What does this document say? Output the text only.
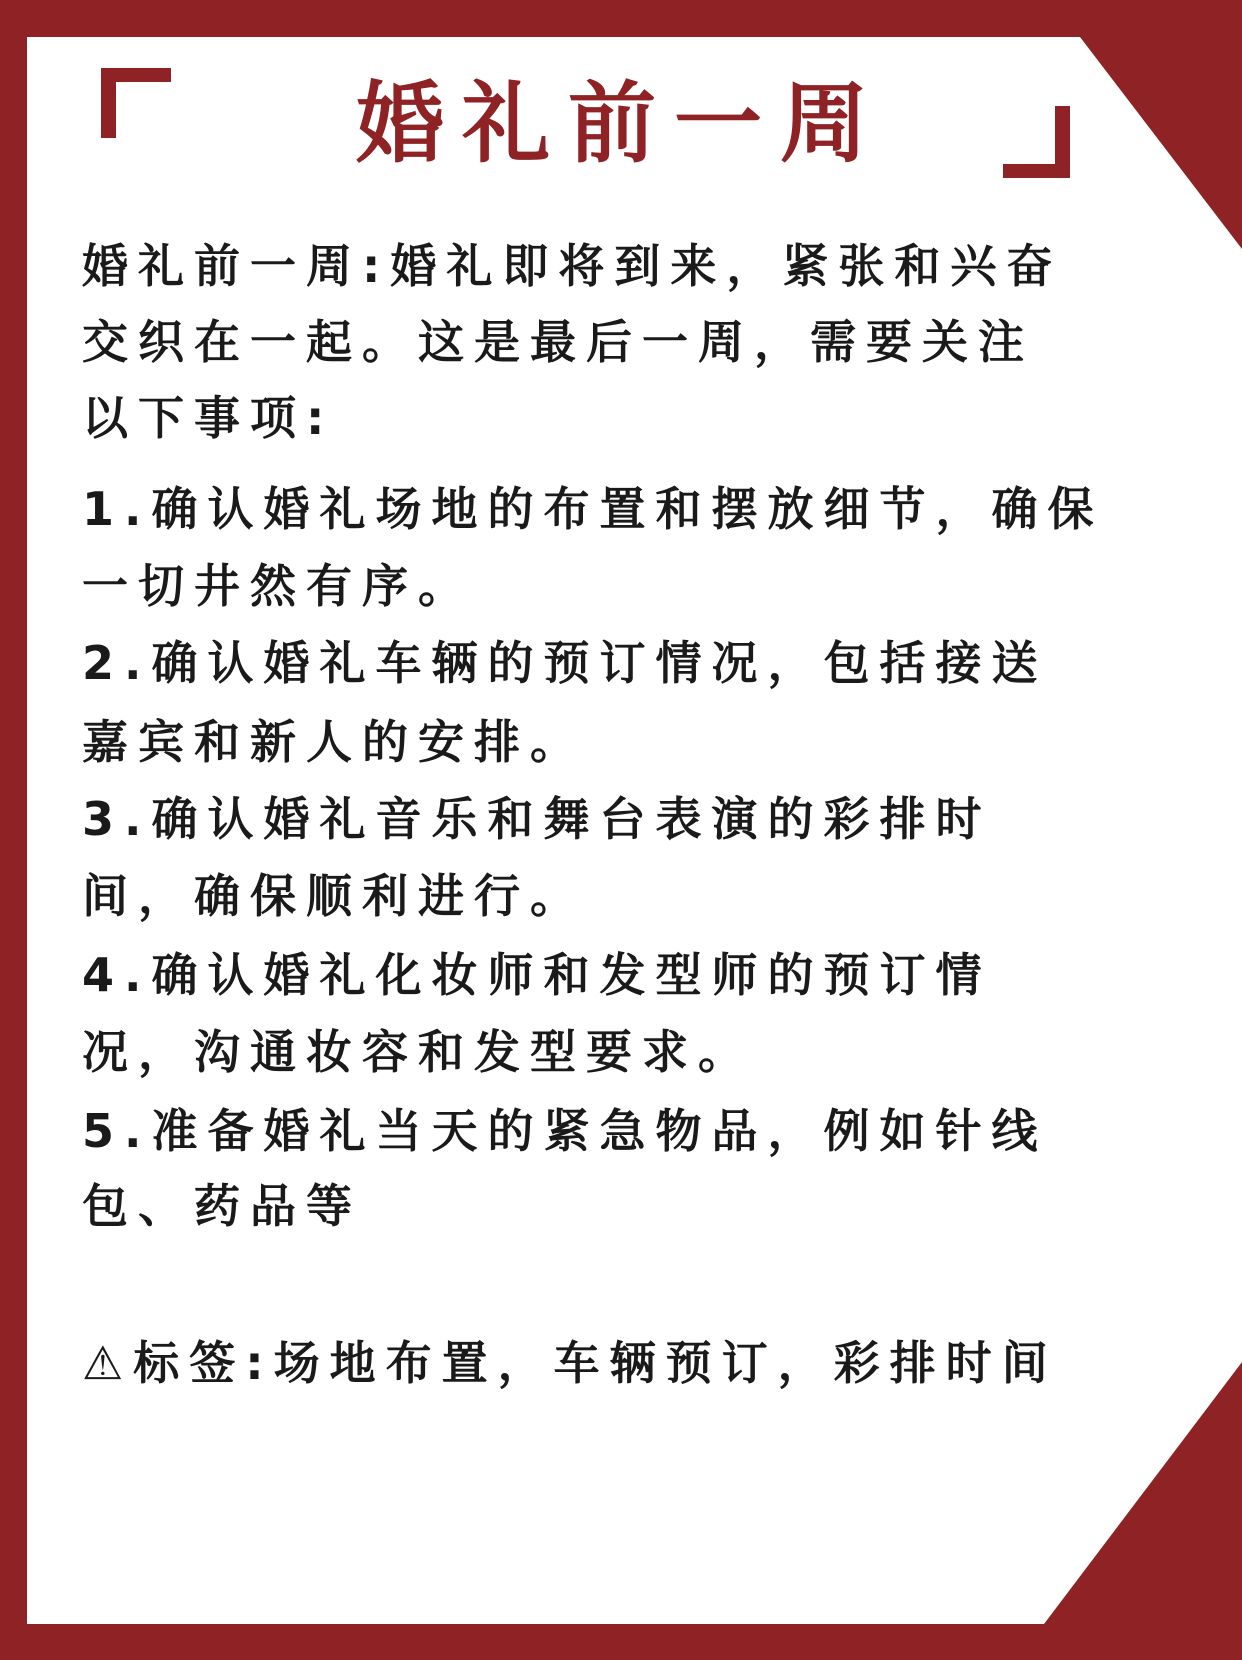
婚礼前一周
婚礼前一周:婚礼即将到来，紧张和兴奋
交织在一起。这是最后一周，需要关注
以下事项:
1.确认婚礼场地的布置和摆放细节，确保
一切井然有序。
2.确认婚礼车辆的预订情况，包括接送
嘉宾和新人的安排。
3.确认婚礼音乐和舞台表演的彩排时
间，确保顺利进行。
4.确认婚礼化妆师和发型师的预订情
况，沟通妆容和发型要求。
5.准备婚礼当天的紧急物品，例如针线
包、药品等
⚠标签:场地布置，车辆预订，彩排时间
